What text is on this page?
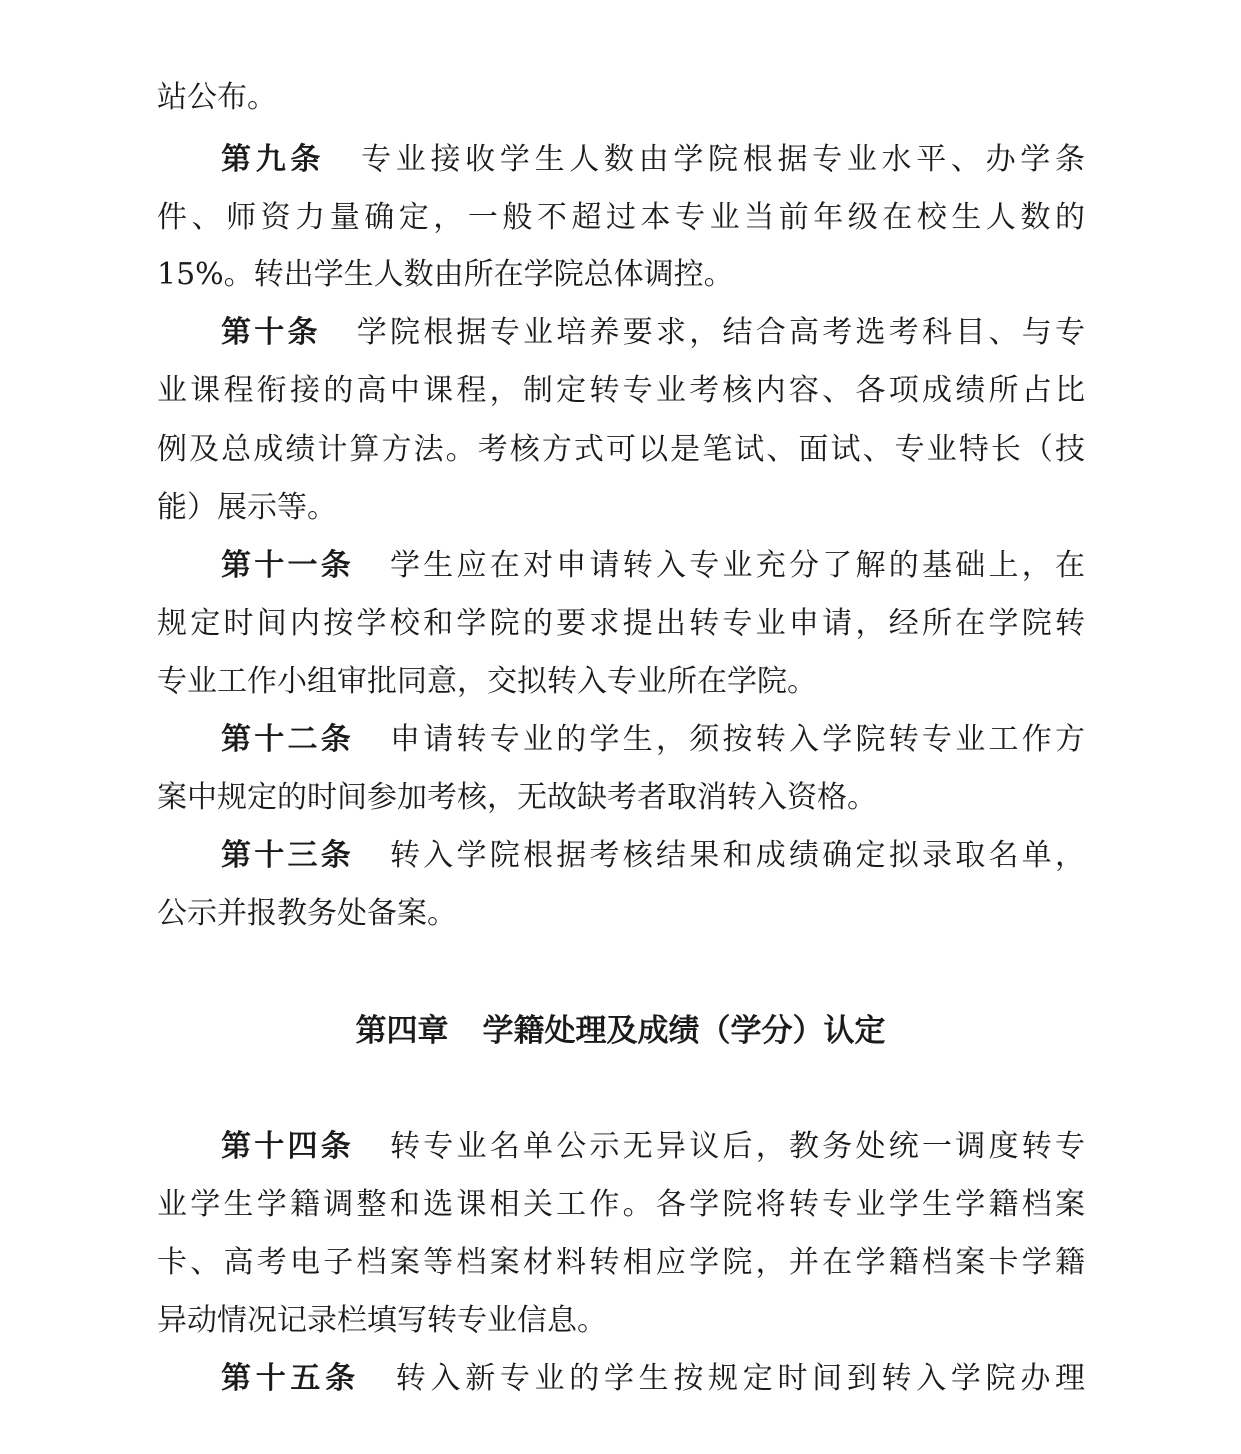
站公布。
第九条 专业接收学生人数由学院根据专业水平、办学条
件、师资力量确定，一般不超过本专业当前年级在校生人数的
15%。转出学生人数由所在学院总体调控。
第十条 学院根据专业培养要求，结合高考选考科目、与专
业课程衔接的高中课程，制定转专业考核内容、各项成绩所占比
例及总成绩计算方法。考核方式可以是笔试、面试、专业特长（技
能）展示等。
第十一条 学生应在对申请转入专业充分了解的基础上，在
规定时间内按学校和学院的要求提出转专业申请，经所在学院转
专业工作小组审批同意，交拟转入专业所在学院。
第十二条 申请转专业的学生，须按转入学院转专业工作方
案中规定的时间参加考核，无故缺考者取消转入资格。
第十三条 转入学院根据考核结果和成绩确定拟录取名单，
公示并报教务处备案。
第四章 学籍处理及成绩（学分）认定
第十四条 转专业名单公示无异议后，教务处统一调度转专
业学生学籍调整和选课相关工作。各学院将转专业学生学籍档案
卡、高考电子档案等档案材料转相应学院，并在学籍档案卡学籍
异动情况记录栏填写转专业信息。
第十五条 转入新专业的学生按规定时间到转入学院办理
